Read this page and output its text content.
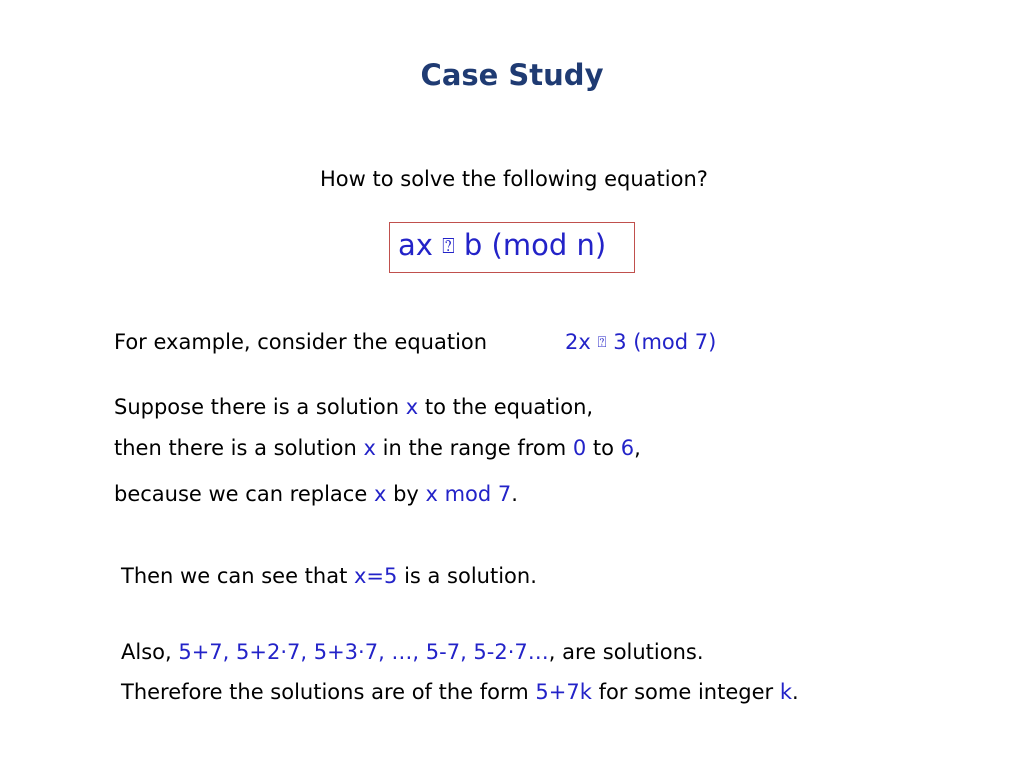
Case Study
How to solve the following equation?
ax ⍰ b (mod n)
For example, consider the equation	2x ⍰ 3 (mod 7)
Suppose there is a solution x to the equation,
then there is a solution x in the range from 0 to 6,
because we can replace x by x mod 7.
Then we can see that x=5 is a solution.
Also, 5+7, 5+2·7, 5+3·7, …, 5-7, 5-2·7…, are solutions.
Therefore the solutions are of the form 5+7k for some integer k.
